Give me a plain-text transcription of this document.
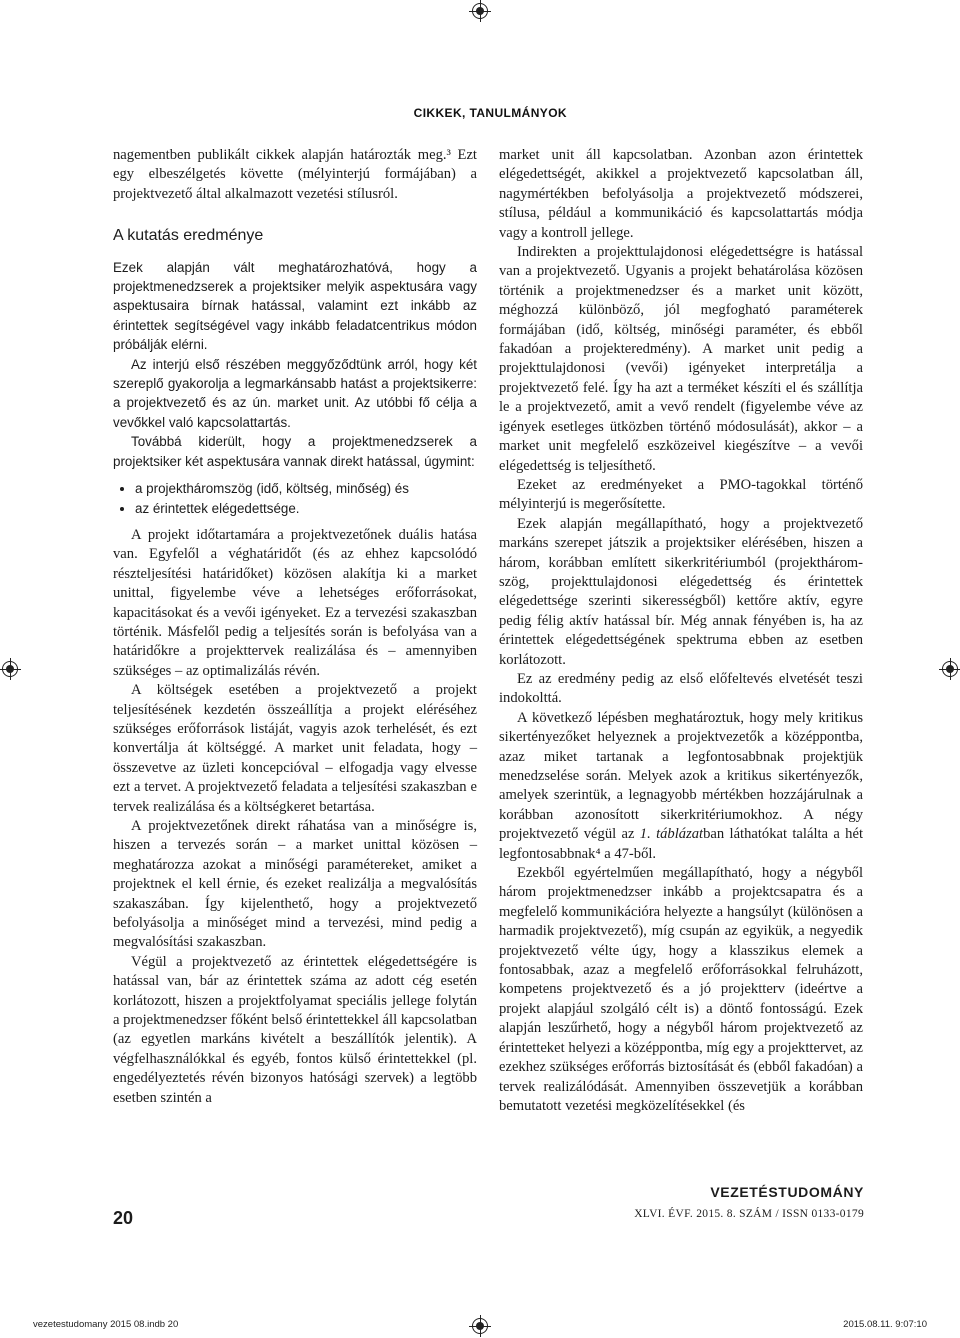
CIKKEK, TANULMÁNYOK

nagementben publikált cikkek alapján határozták meg.³ Ezt egy elbeszélgetés követte (mélyinterjú formájában) a projektvezető által alkalmazott vezetési stílusról.

A kutatás eredménye

Ezek alapján vált meghatározhatóvá, hogy a projektmenedzserek a projektsiker melyik aspektusára vagy aspektusaira bírnak hatással, valamint ezt inkább az érintettek segítségével vagy inkább feladatcentrikus módon próbálják elérni.

Az interjú első részében meggyőződtünk arról, hogy két szereplő gyakorolja a legmarkánsabb hatást a projektsikerre: a projektvezető és az ún. market unit. Az utóbbi fő célja a vevőkkel való kapcsolattartás.

Továbbá kiderült, hogy a projektmenedzserek a projektsiker két aspektusára vannak direkt hatással, úgymint:

• a projektháromszög (idő, költség, minőség) és
• az érintettek elégedettsége.

A projekt időtartamára a projektvezetőnek duális hatása van. Egyfelől a véghatáridőt (és az ehhez kapcsolódó részteljesítési határidőket) közösen alakítja ki a market unittal, figyelembe véve a lehetséges erőforrásokat, kapacitásokat és a vevői igényeket. Ez a tervezési szakaszban történik. Másfelől pedig a teljesítés során is befolyása van a határidőkre a projekttervek realizálása és – amennyiben szükséges – az optimalizálás révén.

A költségek esetében a projektvezető a projekt teljesítésének kezdetén összeállítja a projekt eléréséhez szükséges erőforrások listáját, vagyis azok terhelését, és ezt konvertálja át költséggé. A market unit feladata, hogy – összevetve az üzleti koncepcióval – elfogadja vagy elvesse ezt a tervet. A projektvezető feladata a teljesítési szakaszban e tervek realizálása és a költségkeret betartása.

A projektvezetőnek direkt ráhatása van a minőségre is, hiszen a tervezés során – a market unittal közösen – meghatározza azokat a minőségi paramétereket, amiket a projektnek el kell érnie, és ezeket realizálja a megvalósítás szakaszában. Így kijelenthető, hogy a projektvezető befolyásolja a minőséget mind a tervezési, mind pedig a megvalósítási szakaszban.

Végül a projektvezető az érintettek elégedettségére is hatással van, bár az érintettek száma az adott cég esetén korlátozott, hiszen a projektfolyamat speciális jellege folytán a projektmenedzser főként belső érintettekkel áll kapcsolatban (az egyetlen markáns kivételt a beszállítók jelentik). A végfelhasználókkal és egyéb, fontos külső érintettekkel (pl. engedélyeztetés révén bizonyos hatósági szervek) a legtöbb esetben szintén a

market unit áll kapcsolatban. Azonban azon érintettek elégedettségét, akikkel a projektvezető kapcsolatban áll, nagymértékben befolyásolja a projektvezető módszerei, stílusa, például a kommunikáció és kapcsolattartás módja vagy a kontroll jellege.

Indirekten a projekttulajdonosi elégedettségre is hatással van a projektvezető. Ugyanis a projekt behatárolása közösen történik a projektmenedzser és a market unit között, méghozzá különböző, jól megfogható paraméterek formájában (idő, költség, minőségi paraméter, és ebből fakadóan a projekteredmény). A market unit pedig a projekttulajdonosi (vevői) igényeket interpretálja a projektvezető felé. Így ha azt a terméket készíti el és szállítja le a projektvezető, amit a vevő rendelt (figyelembe véve az igények esetleges ütközben történő módosulását), akkor – a market unit megfelelő eszközeivel kiegészítve – a vevői elégedettség is teljesíthető.

Ezeket az eredményeket a PMO-tagokkal történő mélyinterjú is megerősítette.

Ezek alapján megállapítható, hogy a projektvezető markáns szerepet játszik a projektsiker elérésében, hiszen a három, korábban említett sikerkritériumból (projektháromszög, projekttulajdonosi elégedettség és érintettek elégedettsége szerinti sikerességből) kettőre aktív, egyre pedig félig aktív hatással bír. Még annak fényében is, ha az érintettek elégedettségének spektruma ebben az esetben korlátozott.

Ez az eredmény pedig az első előfeltevés elvetését teszi indokolttá.

A következő lépésben meghatároztuk, hogy mely kritikus sikertényezőket helyeznek a projektvezetők a középpontba, azaz miket tartanak a legfontosabbnak projektjük menedzselése során. Melyek azok a kritikus sikertényezők, amelyek szerintük, a legnagyobb mértékben hozzájárulnak a korábban azonosított sikerkritériumokhoz. A négy projektvezető végül az 1. táblázatban láthatókat találta a hét legfontosabbnak⁴ a 47-ből.

Ezekből egyértelműen megállapítható, hogy a négyből három projektmenedzser inkább a projektcsapatra és a megfelelő kommunikációra helyezte a hangsúlyt (különösen a harmadik projektvezető), míg csupán az egyikük, a negyedik projektvezető vélte úgy, hogy a klasszikus elemek a fontosabbak, azaz a megfelelő erőforrásokkal felruházott, kompetens projektvezető és a jó projektterv (ideértve a projekt alapjául szolgáló célt is) a döntő fontosságú. Ezek alapján leszűrhető, hogy a négyből három projektvezető az érintetteket helyezi a középpontba, míg egy a projekttervet, az ezekhez szükséges erőforrás biztosítását és (ebből fakadóan) a tervek realizálódását. Amennyiben összevetjük a korábban bemutatott vezetési megközelítésekkel (és

VEZETÉSTUDOMÁNY
XLVI. ÉVF. 2015. 8. SZÁM / ISSN 0133-0179
20
vezetestudomany 2015 08.indb 20	2015.08.11. 9:07:10
